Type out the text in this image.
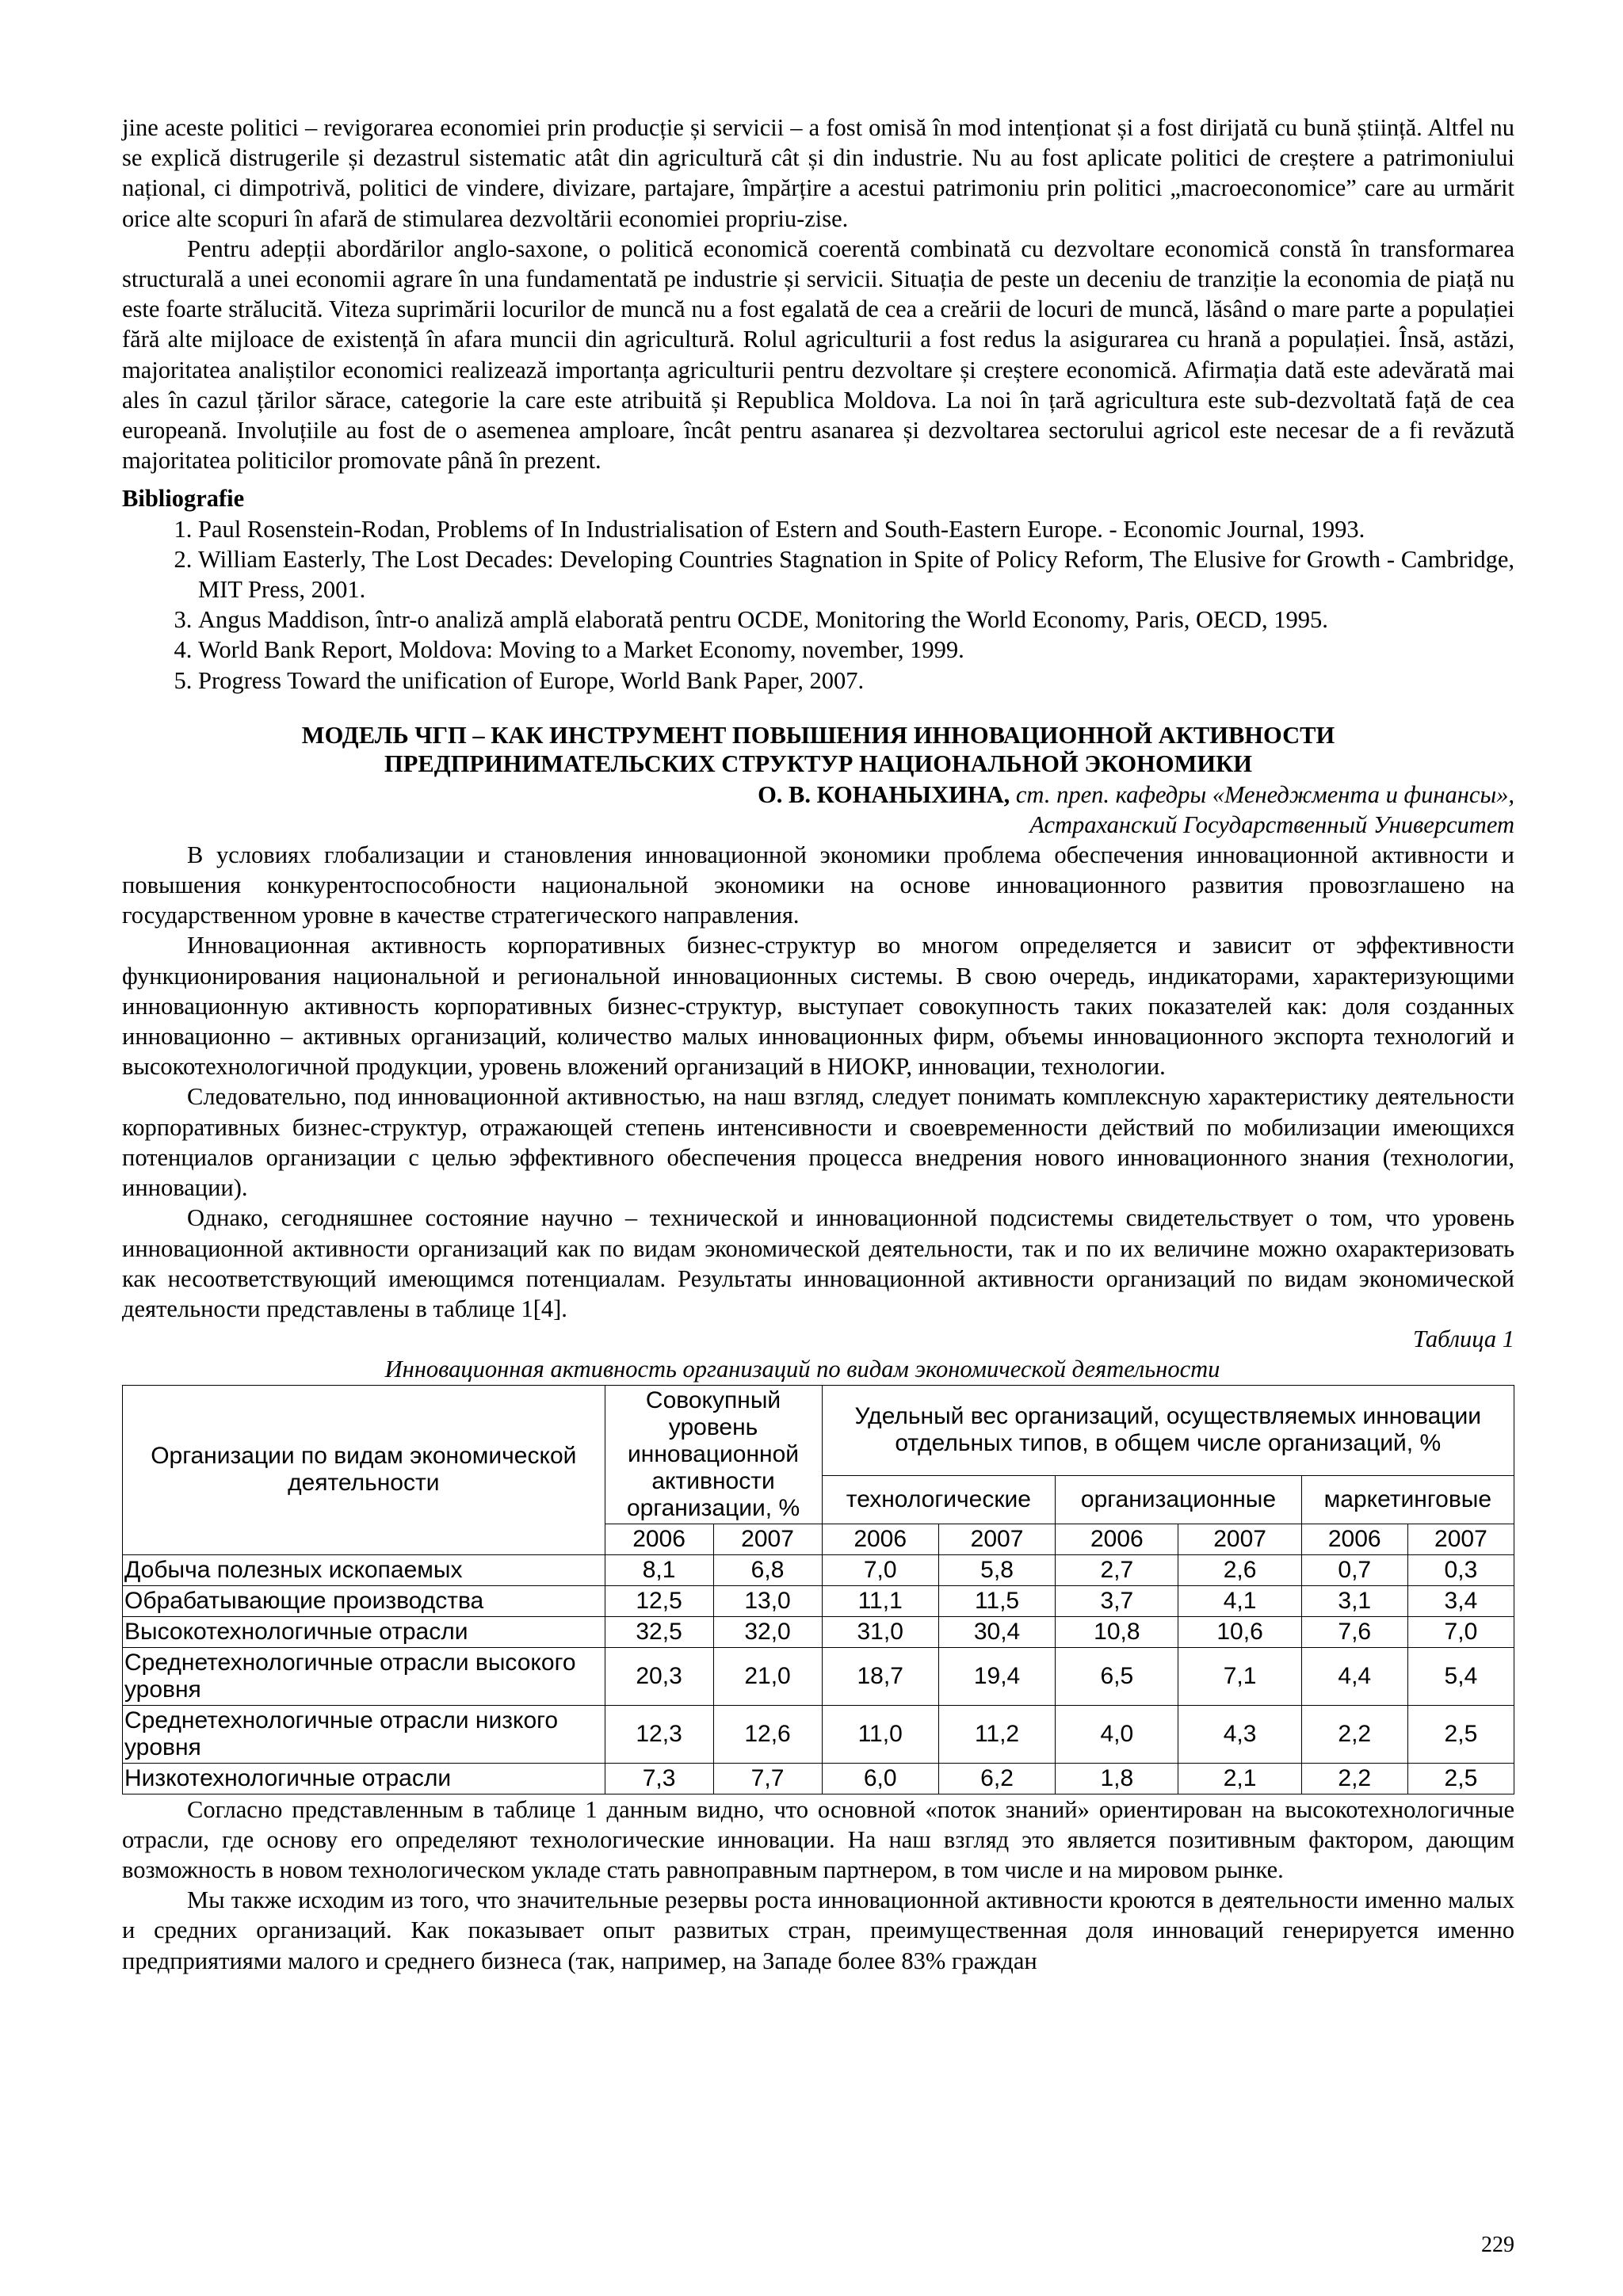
jine aceste politici – revigorarea economiei prin producție și servicii – a fost omisă în mod intenționat și a fost dirijată cu bună știință. Altfel nu se explică distrugerile și dezastrul sistematic atât din agricultură cât și din industrie. Nu au fost aplicate politici de creștere a patrimoniului național, ci dimpotrivă, politici de vindere, divizare, partajare, împărțire a acestui patrimoniu prin politici „macroeconomice” care au urmărit orice alte scopuri în afară de stimularea dezvoltării economiei propriu-zise.

Pentru adepții abordărilor anglo-saxone, o politică economică coerentă combinată cu dezvoltare economică constă în transformarea structurală a unei economii agrare în una fundamentată pe industrie și servicii. Situația de peste un deceniu de tranziție la economia de piață nu este foarte strălucită. Viteza suprimării locurilor de muncă nu a fost egalată de cea a creării de locuri de muncă, lăsând o mare parte a populației fără alte mijloace de existență în afara muncii din agricultură. Rolul agriculturii a fost redus la asigurarea cu hrană a populației. Însă, astăzi, majoritatea analiștilor economici realizează importanța agriculturii pentru dezvoltare și creștere economică. Afirmația dată este adevărată mai ales în cazul țărilor sărace, categorie la care este atribuită și Republica Moldova. La noi în țară agricultura este sub-dezvoltată față de cea europeană. Involuțiile au fost de o asemenea amploare, încât pentru asanarea și dezvoltarea sectorului agricol este necesar de a fi revăzută majoritatea politicilor promovate până în prezent.

Bibliografie
1. Paul Rosenstein-Rodan, Problems of In Industrialisation of Estern and South-Eastern Europe. - Economic Journal, 1993.
2. William Easterly, The Lost Decades: Developing Countries Stagnation in Spite of Policy Reform, The Elusive for Growth - Cambridge, MIT Press, 2001.
3. Angus Maddison, într-o analiză amplă elaborată pentru OCDE, Monitoring the World Economy, Paris, OECD, 1995.
4. World Bank Report, Moldova: Moving to a Market Economy, november, 1999.
5. Progress Toward the unification of Europe, World Bank Paper, 2007.
МОДЕЛЬ ЧГП – КАК ИНСТРУМЕНТ ПОВЫШЕНИЯ ИННОВАЦИОННОЙ АКТИВНОСТИ
ПРЕДПРИНИМАТЕЛЬСКИХ СТРУКТУР НАЦИОНАЛЬНОЙ ЭКОНОМИКИ
О. В. КОНАНЫХИНА, ст. преп. кафедры «Менеджмента и финансы»,
Астраханский Государственный Университет

В условиях глобализации и становления инновационной экономики проблема обеспечения инновационной активности и повышения конкурентоспособности национальной экономики на основе инновационного развития провозглашено на государственном уровне в качестве стратегического направления.

Инновационная активность корпоративных бизнес-структур во многом определяется и зависит от эффективности функционирования национальной и региональной инновационных системы. В свою очередь, индикаторами, характеризующими инновационную активность корпоративных бизнес-структур, выступает совокупность таких показателей как: доля созданных инновационно – активных организаций, количество малых инновационных фирм, объемы инновационного экспорта технологий и высокотехнологичной продукции, уровень вложений организаций в НИОКР, инновации, технологии.

Следовательно, под инновационной активностью, на наш взгляд, следует понимать комплексную характеристику деятельности корпоративных бизнес-структур, отражающей степень интенсивности и своевременности действий по мобилизации имеющихся потенциалов организации с целью эффективного обеспечения процесса внедрения нового инновационного знания (технологии, инновации).

Однако, сегодняшнее состояние научно – технической и инновационной подсистемы свидетельствует о том, что уровень инновационной активности организаций как по видам экономической деятельности, так и по их величине можно охарактеризовать как несоответствующий имеющимся потенциалам. Результаты инновационной активности организаций по видам экономической деятельности представлены в таблице 1[4].

Таблица 1
Инновационная активность организаций по видам экономической деятельности
Организации по видам экономической деятельности	Совокупный уровень инновационной активности организации, %		Удельный вес организаций, осуществляемых инновации отдельных типов, в общем числе организаций, %					
			технологические		организационные		маркетинговые	
	2006	2007	2006	2007	2006	2007	2006	2007
Добыча полезных ископаемых	8,1	6,8	7,0	5,8	2,7	2,6	0,7	0,3
Обрабатывающие производства	12,5	13,0	11,1	11,5	3,7	4,1	3,1	3,4
Высокотехнологичные отрасли	32,5	32,0	31,0	30,4	10,8	10,6	7,6	7,0
Среднетехнологичные отрасли высокого уровня	20,3	21,0	18,7	19,4	6,5	7,1	4,4	5,4
Среднетехнологичные отрасли низкого уровня	12,3	12,6	11,0	11,2	4,0	4,3	2,2	2,5
Низкотехнологичные отрасли	7,3	7,7	6,0	6,2	1,8	2,1	2,2	2,5

Согласно представленным в таблице 1 данным видно, что основной «поток знаний» ориентирован на высокотехнологичные отрасли, где основу его определяют технологические инновации. На наш взгляд это является позитивным фактором, дающим возможность в новом технологическом укладе стать равноправным партнером, в том числе и на мировом рынке.

Мы также исходим из того, что значительные резервы роста инновационной активности кроются в деятельности именно малых и средних организаций. Как показывает опыт развитых стран, преимущественная доля инноваций генерируется именно предприятиями малого и среднего бизнеса (так, например, на Западе более 83% граждан

229
